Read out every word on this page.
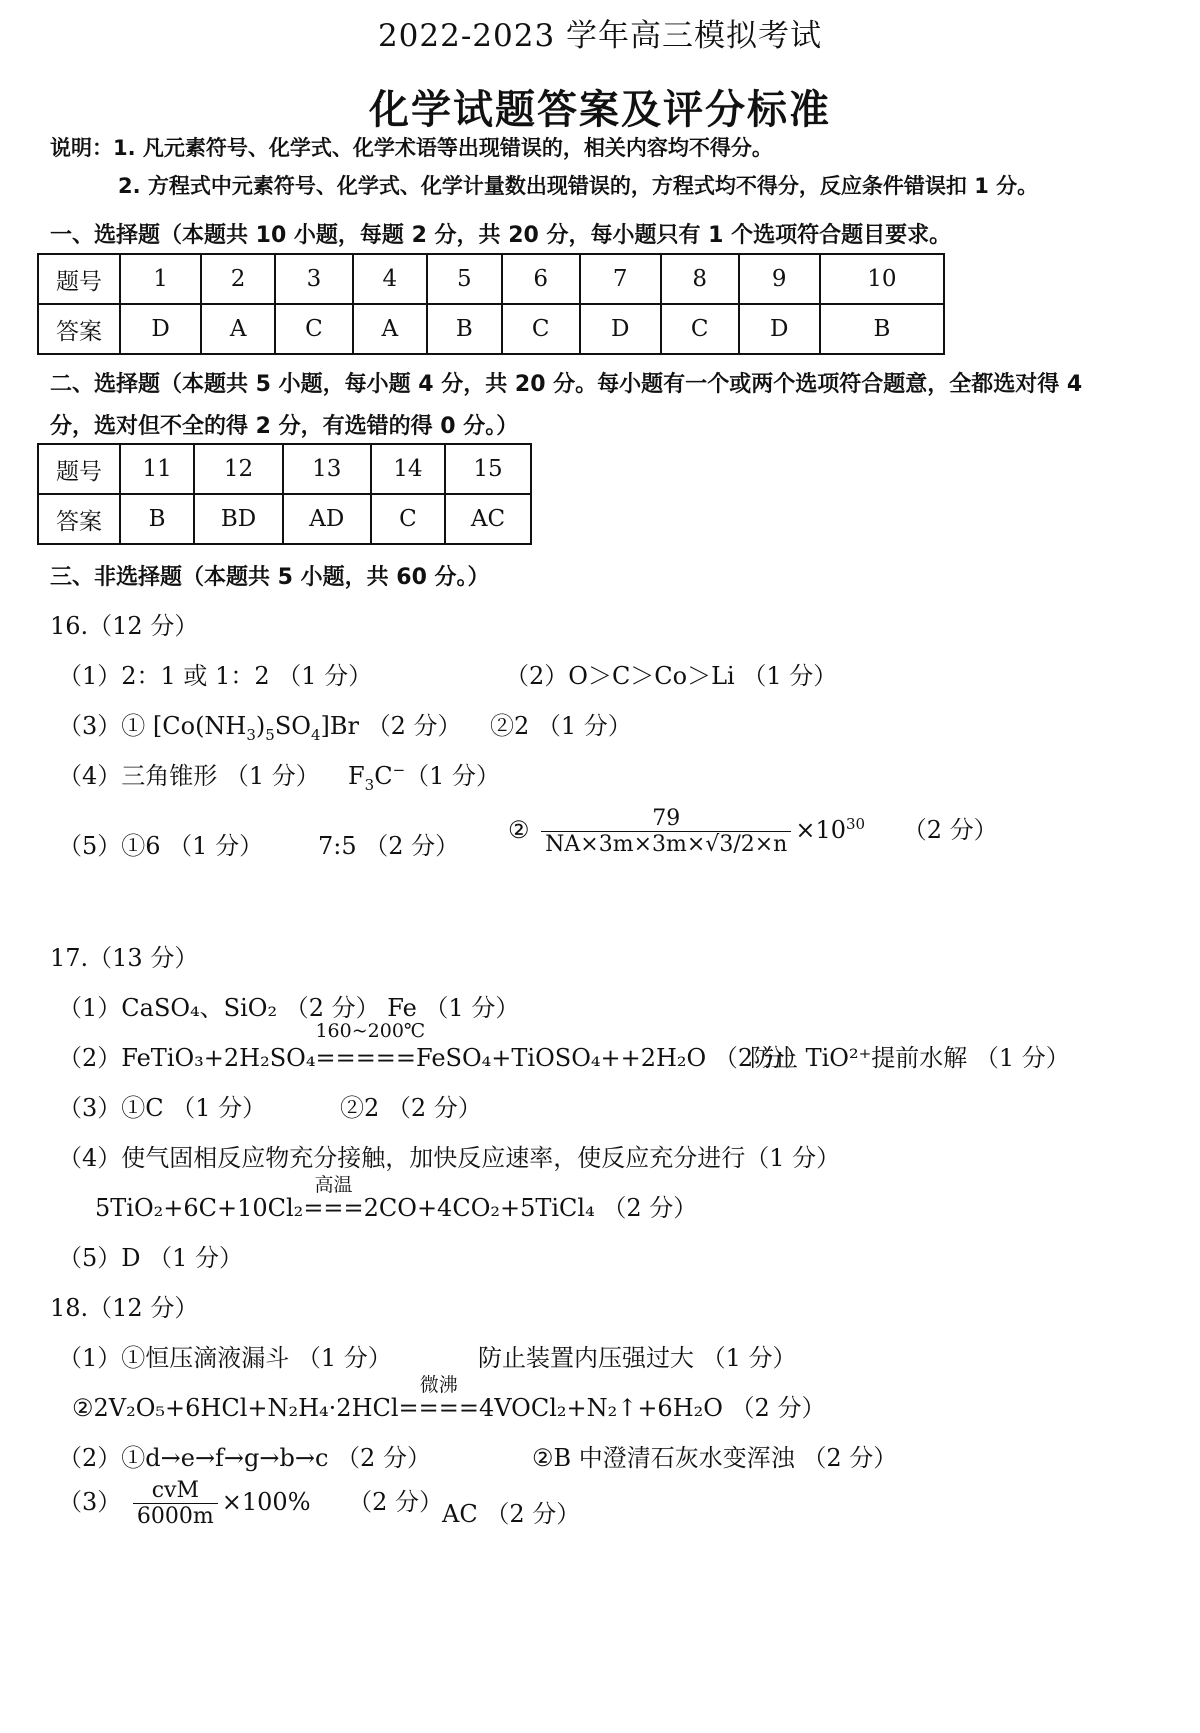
2022-2023 学年高三模拟考试
化学试题答案及评分标准
说明：1. 凡元素符号、化学式、化学术语等出现错误的，相关内容均不得分。
2. 方程式中元素符号、化学式、化学计量数出现错误的，方程式均不得分，反应条件错误扣 1 分。
一、选择题（本题共 10 小题，每题 2 分，共 20 分，每小题只有 1 个选项符合题目要求。
题号	1	2	3	4	5	6	7	8	9	10
答案	D	A	C	A	B	C	D	C	D	B
二、选择题（本题共 5 小题，每小题 4 分，共 20 分。每小题有一个或两个选项符合题意，全都选对得 4
分，选对但不全的得 2 分，有选错的得 0 分。）
题号	11	12	13	14	15
答案	B	BD	AD	C	AC
三、非选择题（本题共 5 小题，共 60 分。）
16.（12 分）
（1）2：1 或 1：2 （1 分）	（2）O＞C＞Co＞Li （1 分）
（3）① $[Co(NH_3)_5SO_4]Br$ （2 分） ②2 （1 分）
（4）三角锥形 （1 分） $F_3C^-(1$ 分）
（5）①6 （1 分） 7:5 （2 分）
② $\frac{79}{NA\times 3m\times 3m\times√3/2\times n} \times 10^{30}$ （2 分）
17.（13 分）
（1）CaSO₄、SiO₂ （2 分） Fe （1 分）
（2）FeTiO₃+2H₂SO₄
160~200℃
=====FeSO₄+TiOSO₄++2H₂O （2 分）
防止 TiO²⁺提前水解 （1 分）
（3）①C （1 分）	②2 （2 分）
（4）使气固相反应物充分接触，加快反应速率，使反应充分进行（1 分）
5TiO₂+6C+10Cl₂
高温
===2CO+4CO₂+5TiCl₄ （2 分）
（5）D （1 分）
18.（12 分）
（1）①恒压滴液漏斗 （1 分）	防止装置内压强过大 （1 分）
②2V₂O₅+6HCl+N₂H₄·2HCl
微沸
====4VOCl₂+N₂↑+6H₂O （2 分）
（2）①d→e→f→g→b→c （2 分）	②B 中澄清石灰水变浑浊 （2 分）
$(3) \frac{\text{cvM}}{6000m} \times 100\%$ （2 分）
AC （2 分）
